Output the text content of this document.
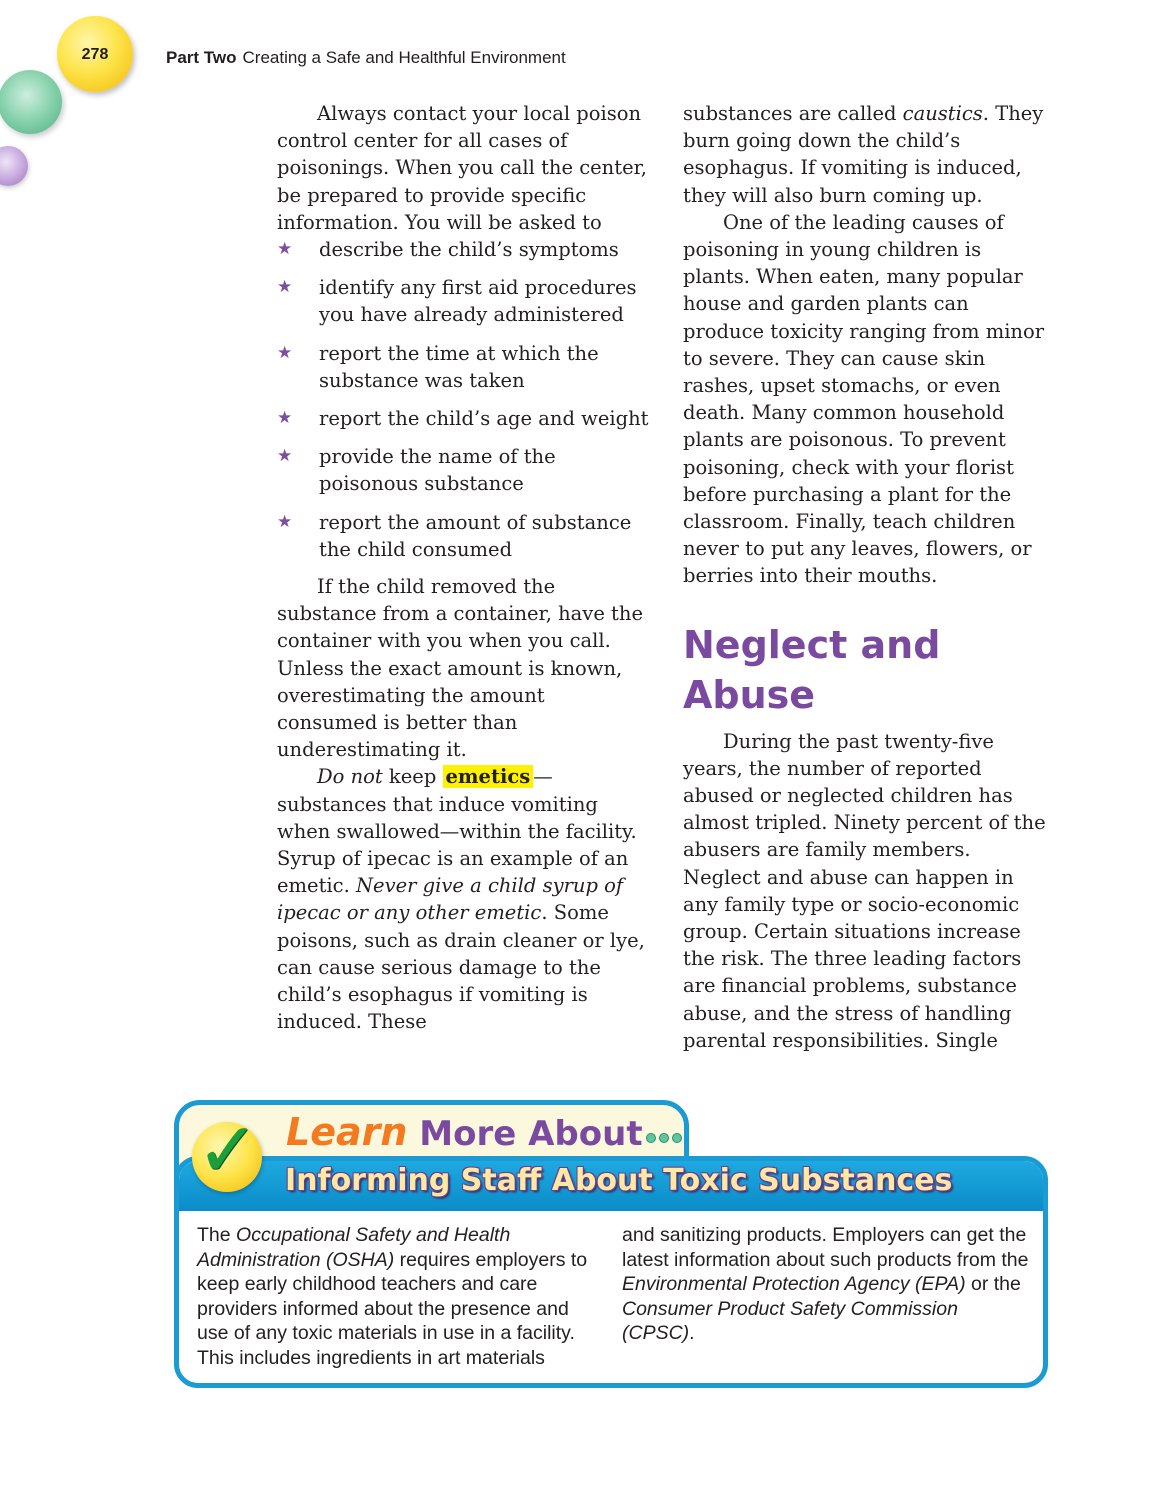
278	Part Two Creating a Safe and Healthful Environment

Always contact your local poison control center for all cases of poisonings. When you call the center, be prepared to provide specific information. You will be asked to

★ describe the child’s symptoms
★ identify any first aid procedures you have already administered
★ report the time at which the substance was taken
★ report the child’s age and weight
★ provide the name of the poisonous substance
★ report the amount of substance the child consumed

If the child removed the substance from a container, have the container with you when you call. Unless the exact amount is known, overestimating the amount consumed is better than underestimating it.

Do not keep emetics —substances that induce vomiting when swallowed—within the facility. Syrup of ipecac is an example of an emetic. Never give a child syrup of ipecac or any other emetic. Some poisons, such as drain cleaner or lye, can cause serious damage to the child’s esophagus if vomiting is induced. These

substances are called caustics. They burn going down the child’s esophagus. If vomiting is induced, they will also burn coming up.

One of the leading causes of poisoning in young children is plants. When eaten, many popular house and garden plants can produce toxicity ranging from minor to severe. They can cause skin rashes, upset stomachs, or even death. Many common household plants are poisonous. To prevent poisoning, check with your florist before purchasing a plant for the classroom. Finally, teach children never to put any leaves, flowers, or berries into their mouths.

Neglect and
Abuse

During the past twenty-five years, the number of reported abused or neglected children has almost tripled. Ninety percent of the abusers are family members. Neglect and abuse can happen in any family type or socio-economic group. Certain situations increase the risk. The three leading factors are financial problems, substance abuse, and the stress of handling parental responsibilities. Single

✓ Learn More About
Informing Staff About Toxic Substances
The Occupational Safety and Health Administration (OSHA) requires employers to keep early childhood teachers and care providers informed about the presence and use of any toxic materials in use in a facility. This includes ingredients in art materials
and sanitizing products. Employers can get the latest information about such products from the Environmental Protection Agency (EPA) or the Consumer Product Safety Commission (CPSC).
